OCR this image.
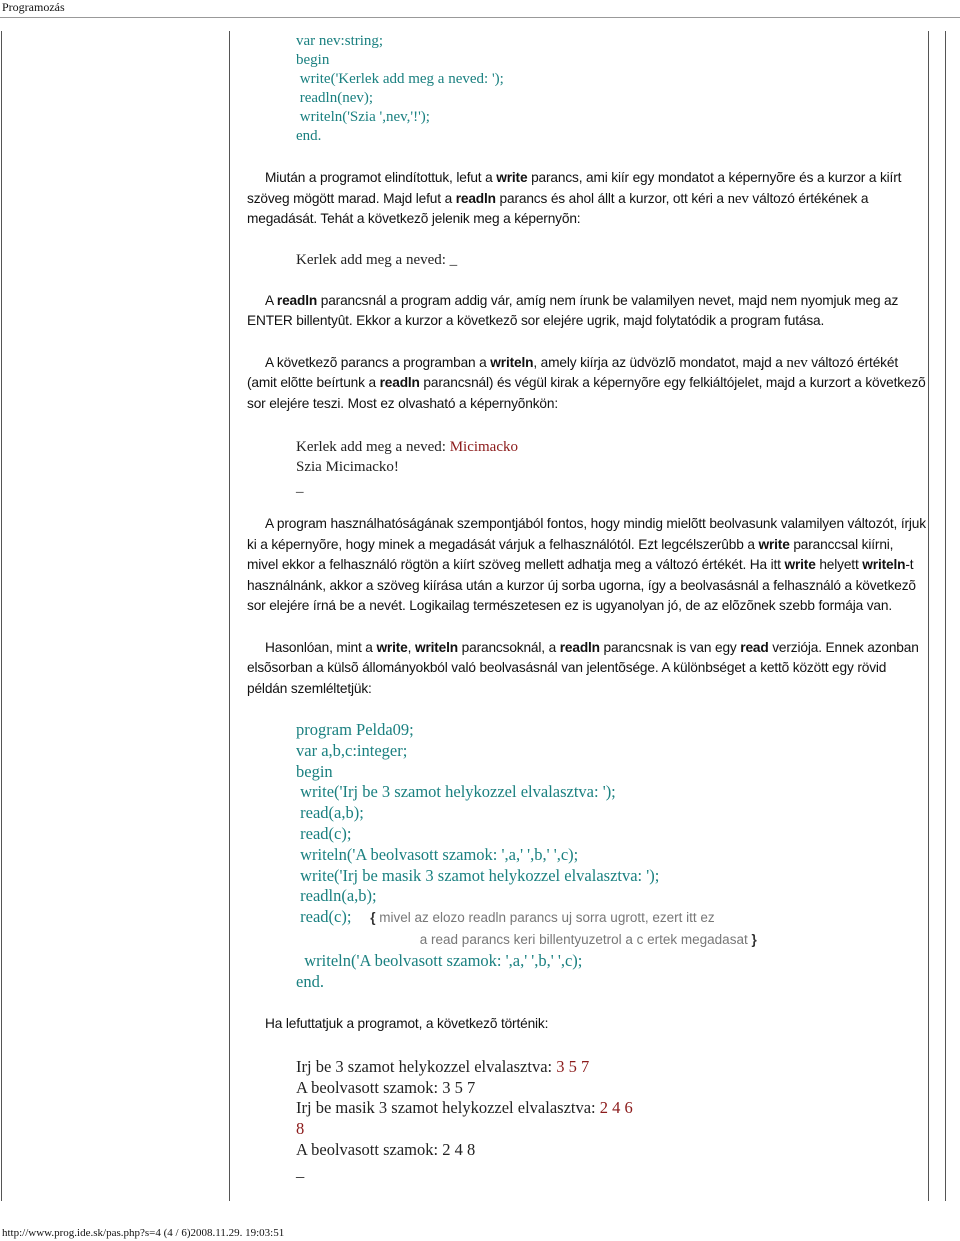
Programozás
var nev:string;
begin
write('Kerlek add meg a neved: ');
readln(nev);
writeln('Szia ',nev,'!');
end.

Miután a programot elindítottuk, lefut a write parancs, ami kiír egy mondatot a képernyõre és a kurzor a kiírt szöveg mögött marad. Majd lefut a readln parancs és ahol állt a kurzor, ott kéri a nev változó értékének a megadását. Tehát a következõ jelenik meg a képernyõn:

Kerlek add meg a neved: _

A readln parancsnál a program addig vár, amíg nem írunk be valamilyen nevet, majd nem nyomjuk meg az ENTER billentyût. Ekkor a kurzor a következõ sor elejére ugrik, majd folytatódik a program futása.

A következõ parancs a programban a writeln, amely kiírja az üdvözlõ mondatot, majd a nev változó értékét (amit elõtte beírtunk a readln parancsnál) és végül kirak a képernyõre egy felkiáltójelet, majd a kurzort a következõ sor elejére teszi. Most ez olvasható a képernyõnkön:

Kerlek add meg a neved: Micimacko
Szia Micimacko!
_

A program használhatóságának szempontjából fontos, hogy mindig mielõtt beolvasunk valamilyen változót, írjuk ki a képernyõre, hogy minek a megadását várjuk a felhasználótól. Ezt legcélszerûbb a write paranccsal kiírni, mivel ekkor a felhasználó rögtön a kiírt szöveg mellett adhatja meg a változó értékét. Ha itt write helyett writeln-t használnánk, akkor a szöveg kiírása után a kurzor új sorba ugorna, így a beolvasásnál a felhasználó a következõ sor elejére írná be a nevét. Logikailag természetesen ez is ugyanolyan jó, de az elõzõnek szebb formája van.

Hasonlóan, mint a write, writeln parancsoknál, a readln parancsnak is van egy read verziója. Ennek azonban elsõsorban a külsõ állományokból való beolvasásnál van jelentõsége. A különbséget a kettõ között egy rövid példán szemléltetjük:

program Pelda09;
var a,b,c:integer;
begin
write('Irj be 3 szamot helykozzel elvalasztva: ');
read(a,b);
read(c);
writeln('A beolvasott szamok: ',a,' ',b,' ',c);
write('Irj be masik 3 szamot helykozzel elvalasztva: ');
readln(a,b);
read(c); { mivel az elozo readln parancs uj sorra ugrott, ezert itt ez
a read parancs keri billentyuzetrol a c ertek megadasat }
writeln('A beolvasott szamok: ',a,' ',b,' ',c);
end.

Ha lefuttatjuk a programot, a következõ történik:

Irj be 3 szamot helykozzel elvalasztva: 3 5 7
A beolvasott szamok: 3 5 7
Irj be masik 3 szamot helykozzel elvalasztva: 2 4 6
8
A beolvasott szamok: 2 4 8
_
http://www.prog.ide.sk/pas.php?s=4 (4 / 6)2008.11.29. 19:03:51
